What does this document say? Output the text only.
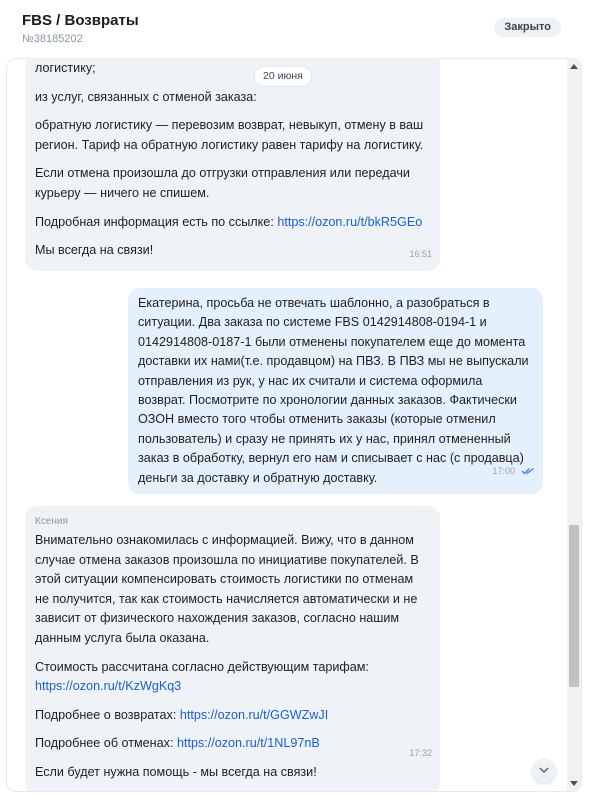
FBS / Возвраты
№38185202
Закрыто

логистику;

из услуг, связанных с отменой заказа:

обратную логистику — перевозим возврат, невыкуп, отмену в ваш регион. Тариф на обратную логистику равен тарифу на логистику.

Если отмена произошла до отгрузки отправления или передачи курьеру — ничего не спишем.

Подробная информация есть по ссылке: https://ozon.ru/t/bkR5GEo

Мы всегда на связи!	16:51
20 июня

Екатерина, просьба не отвечать шаблонно, а разобраться в ситуации. Два заказа по системе FBS 0142914808-0194-1 и 0142914808-0187-1 были отменены покупателем еще до момента доставки их нами(т.е. продавцом) на ПВЗ. В ПВЗ мы не выпускали отправления из рук, у нас их считали и система оформила возврат. Посмотрите по хронологии данных заказов. Фактически ОЗОН вместо того чтобы отменить заказы (которые отменил пользователь) и сразу не принять их у нас, принял отмененный заказ в обработку, вернул его нам и списывает с нас (с продавца) деньги за доставку и обратную доставку.	17:00
Ксения

Внимательно ознакомилась с информацией. Вижу, что в данном случае отмена заказов произошла по инициативе покупателей. В этой ситуации компенсировать стоимость логистики по отменам не получится, так как стоимость начисляется автоматически и не зависит от физического нахождения заказов, согласно нашим данным услуга была оказана.

Стоимость рассчитана согласно действующим тарифам:

https://ozon.ru/t/KzWgKq3

Подробнее о возвратах: https://ozon.ru/t/GGWZwJI

Подробнее об отменах: https://ozon.ru/t/1NL97nB

Если будет нужна помощь - мы всегда на связи!

17:32
